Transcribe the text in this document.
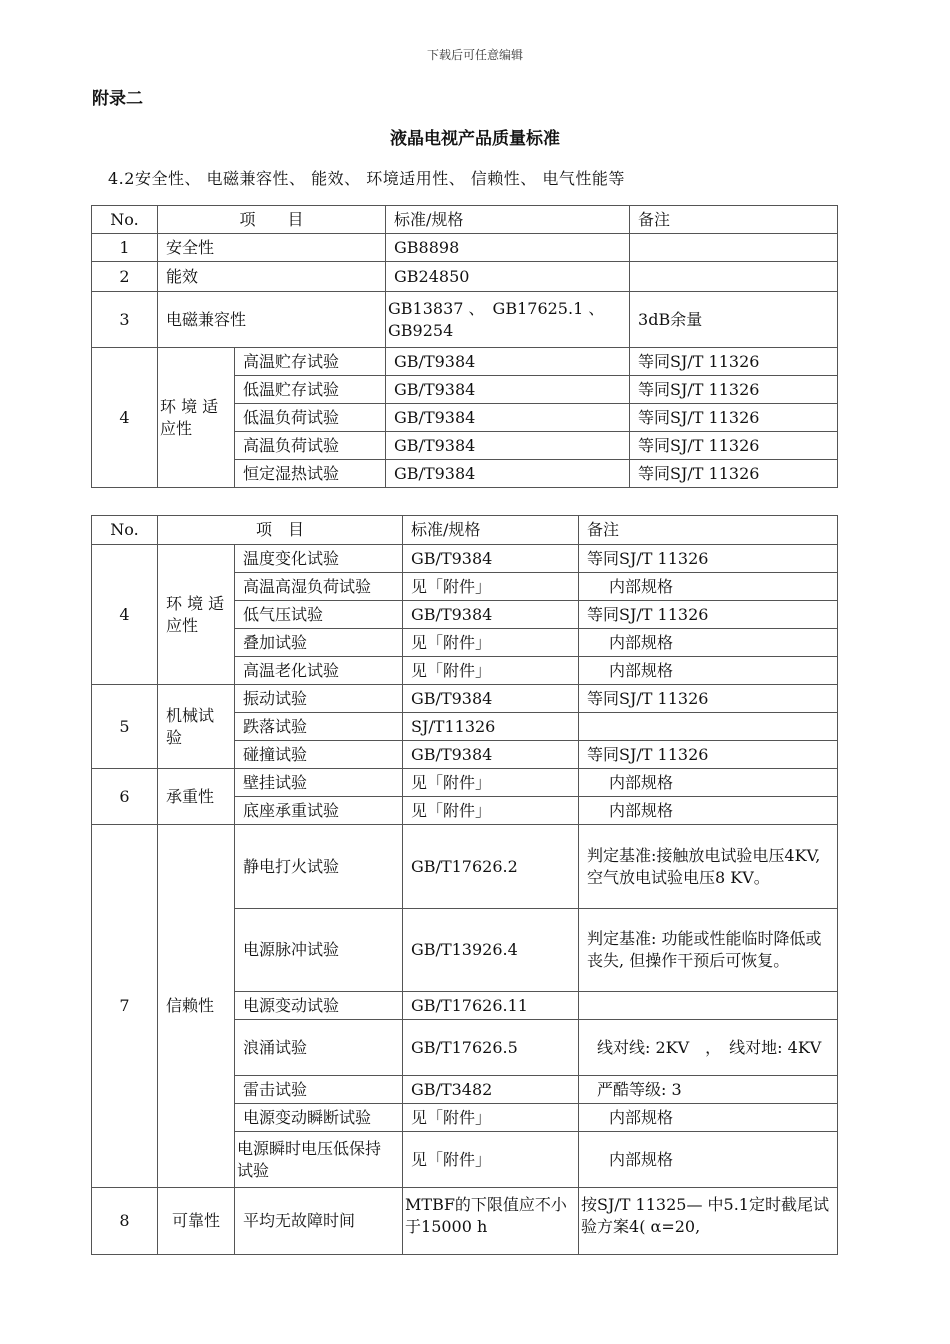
下载后可任意编辑
附录二
液晶电视产品质量标准
4.2安全性、 电磁兼容性、 能效、 环境适用性、 信赖性、 电气性能等
No.	项　　目		标准/规格	备注
1	安全性		GB8898	
2	能效		GB24850	
3	电磁兼容性		GB13837 、　GB17625.1 、GB9254	3dB余量
4	环 境 适应性	高温贮存试验	GB/T9384	等同SJ/T 11326
		低温贮存试验	GB/T9384	等同SJ/T 11326
		低温负荷试验	GB/T9384	等同SJ/T 11326
		高温负荷试验	GB/T9384	等同SJ/T 11326
		恒定湿热试验	GB/T9384	等同SJ/T 11326
No.	项　目		标准/规格	备注
4	环 境 适应性	温度变化试验	GB/T9384	等同SJ/T 11326
		高温高湿负荷试验	见「附件」	内部规格
		低气压试验	GB/T9384	等同SJ/T 11326
		叠加试验	见「附件」	内部规格
		高温老化试验	见「附件」	内部规格
5	机械试验	振动试验	GB/T9384	等同SJ/T 11326
		跌落试验	SJ/T11326	
		碰撞试验	GB/T9384	等同SJ/T 11326
6	承重性	壁挂试验	见「附件」	内部规格
		底座承重试验	见「附件」	内部规格
7	信赖性	静电打火试验	GB/T17626.2	判定基准:接触放电试验电压4KV, 空气放电试验电压8 KV。
		电源脉冲试验	GB/T13926.4	判定基准: 功能或性能临时降低或丧失, 但操作干预后可恢复。
		电源变动试验	GB/T17626.11	
		浪涌试验	GB/T17626.5	线对线: 2KV　，　线对地: 4KV
		雷击试验	GB/T3482	严酷等级: 3
		电源变动瞬断试验	见「附件」	内部规格
		电源瞬时电压低保持试验	见「附件」	内部规格
8	可靠性	平均无故障时间	MTBF的下限值应不小于15000 h	按SJ/T 11325— 中5.1定时截尾试验方案4( α=20,
